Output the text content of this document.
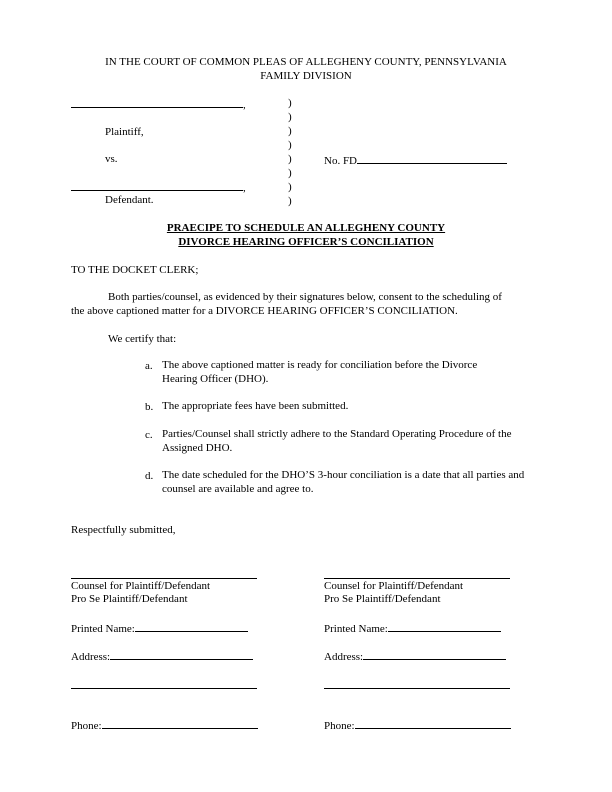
IN THE COURT OF COMMON PLEAS OF ALLEGHENY COUNTY, PENNSYLVANIA
FAMILY DIVISION
,
Plaintiff,
vs.
,
Defendant.
)
)
)
)
)
)
)
)
No. FD
PRAECIPE TO SCHEDULE AN ALLEGHENY COUNTY
DIVORCE HEARING OFFICER’S CONCILIATION
TO THE DOCKET CLERK;
Both parties/counsel, as evidenced by their signatures below, consent to the scheduling of
the above captioned matter for a DIVORCE HEARING OFFICER’S CONCILIATION.
We certify that:
a. The above captioned matter is ready for conciliation before the Divorce Hearing Officer (DHO).
b. The appropriate fees have been submitted.
c. Parties/Counsel shall strictly adhere to the Standard Operating Procedure of the Assigned DHO.
d. The date scheduled for the DHO’S 3-hour conciliation is a date that all parties and counsel are available and agree to.
Respectfully submitted,
Counsel for Plaintiff/Defendant
Pro Se Plaintiff/Defendant
Printed Name:
Address:
Phone:
Counsel for Plaintiff/Defendant
Pro Se Plaintiff/Defendant
Printed Name:
Address:
Phone:
